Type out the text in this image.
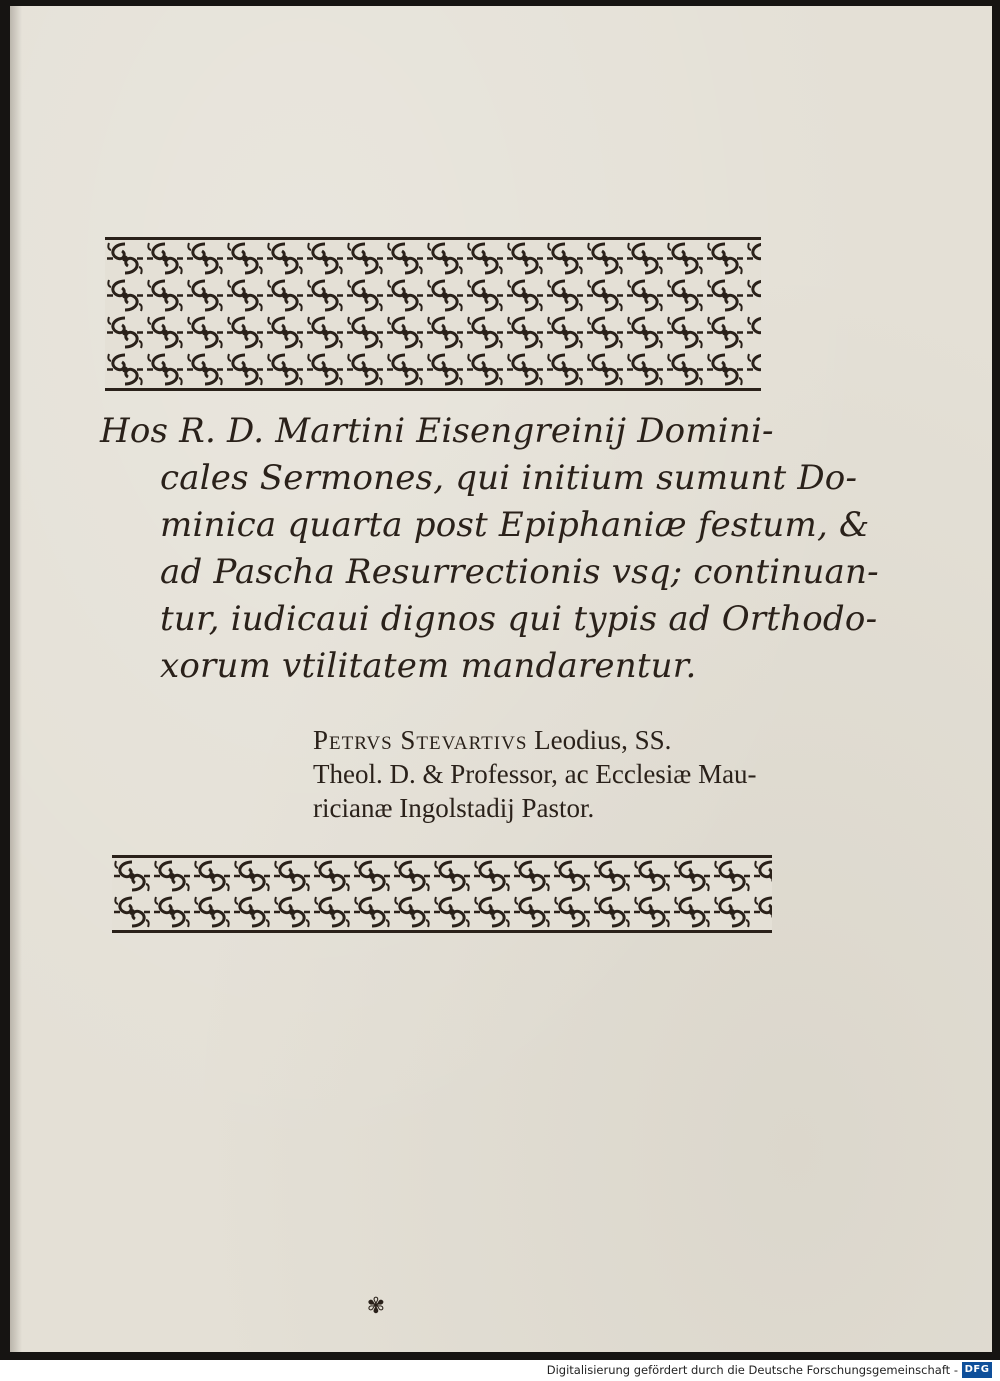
Hos R. D. Martini Eisengreinij Domini-
cales Sermones, qui initium sumunt Do-
minica quarta post Epiphaniæ festum, &
ad Pascha Resurrectionis vsq; continuan-
tur, iudicaui dignos qui typis ad Orthodo-
xorum vtilitatem mandarentur.

Petrvs Stevartivs Leodius, SS.
Theol. D. & Professor, ac Ecclesiæ Mau-
ricianæ Ingolstadij Pastor.
✾
Digitalisierung gefördert durch die Deutsche Forschungsgemeinschaft - DFG
